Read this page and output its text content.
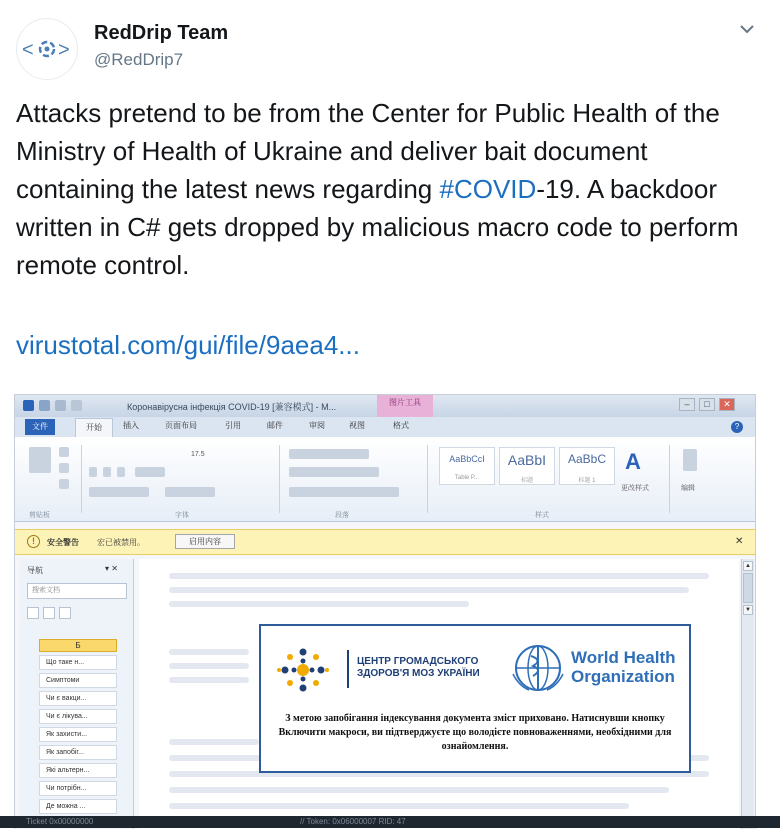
< >
RedDrip Team
@RedDrip7
Attacks pretend to be from the Center for Public Health of the Ministry of Health of Ukraine and deliver bait document containing the latest news regarding #COVID-19. A backdoor written in C# gets dropped by malicious macro code to perform remote control.
virustotal.com/gui/file/9aea4...
Коронавірусна інфекція COVID-19 [兼容模式] - M...	图片工具	–	□	✕
文件	开始	插入	页面布局	引用	邮件	审阅	视图	格式	?
剪贴板
17.5
字体	段落
AaBbCcI
Table P...
AaBbI
标题
AaBbC
标题 1
样式
A
更改样式	编辑
!	安全警告 宏已被禁用。	启用内容	✕
导航	▾ ✕
搜索文档
Б
Що таке н...
Симптоми
Чи є вакци...
Чи є лікува...
Як захисти...
Як запобіг...
Які альтерн...
Чи потрібн...
Де можна ...
▲
▼
ЦЕНТР ГРОМАДСЬКОГО ЗДОРОВ'Я МОЗ УКРАЇНИ
World Health Organization
З метою запобігання індексування документа зміст приховано. Натиснувши кнопку Включити макроси, ви підтверджуєте що володієте повноваженнями, необхідними для ознайомлення.
Ticket 0x00000000	// Token: 0x06000007 RID: 47
